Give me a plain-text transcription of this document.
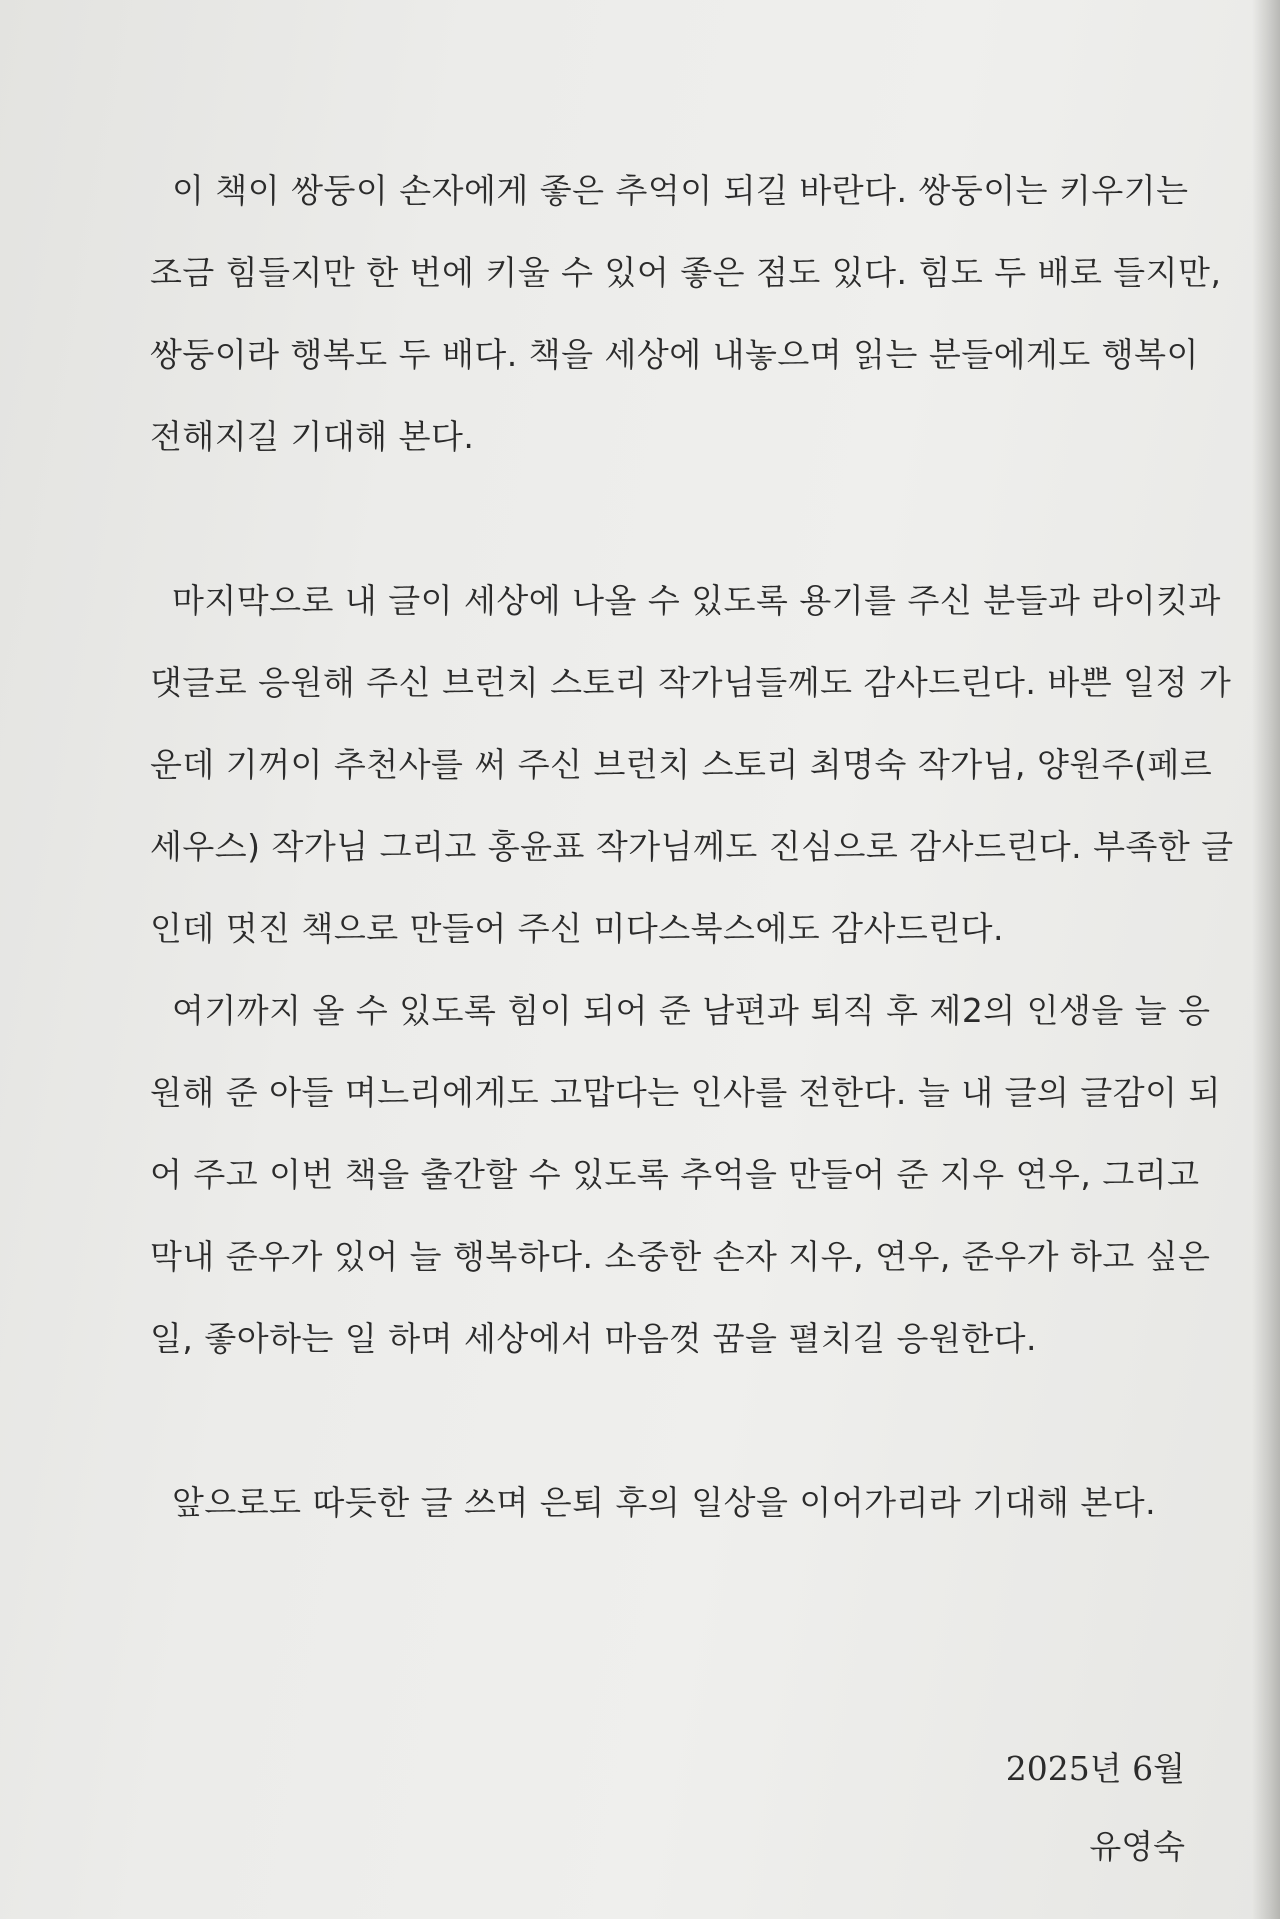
이 책이 쌍둥이 손자에게 좋은 추억이 되길 바란다. 쌍둥이는 키우기는

조금 힘들지만 한 번에 키울 수 있어 좋은 점도 있다. 힘도 두 배로 들지만,

쌍둥이라 행복도 두 배다. 책을 세상에 내놓으며 읽는 분들에게도 행복이

전해지길 기대해 본다.

마지막으로 내 글이 세상에 나올 수 있도록 용기를 주신 분들과 라이킷과

댓글로 응원해 주신 브런치 스토리 작가님들께도 감사드린다. 바쁜 일정 가

운데 기꺼이 추천사를 써 주신 브런치 스토리 최명숙 작가님, 양원주(페르

세우스) 작가님 그리고 홍윤표 작가님께도 진심으로 감사드린다. 부족한 글

인데 멋진 책으로 만들어 주신 미다스북스에도 감사드린다.

여기까지 올 수 있도록 힘이 되어 준 남편과 퇴직 후 제2의 인생을 늘 응

원해 준 아들 며느리에게도 고맙다는 인사를 전한다. 늘 내 글의 글감이 되

어 주고 이번 책을 출간할 수 있도록 추억을 만들어 준 지우 연우, 그리고

막내 준우가 있어 늘 행복하다. 소중한 손자 지우, 연우, 준우가 하고 싶은

일, 좋아하는 일 하며 세상에서 마음껏 꿈을 펼치길 응원한다.

앞으로도 따듯한 글 쓰며 은퇴 후의 일상을 이어가리라 기대해 본다.

2025년 6월
유영숙
